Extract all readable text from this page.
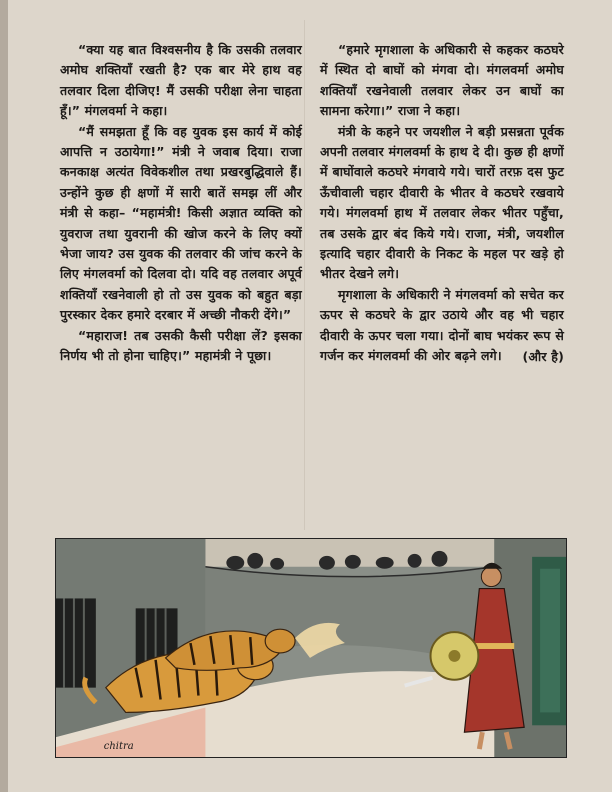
“क्या यह बात विश्वसनीय है कि उसकी तलवार अमोघ शक्तियाँ रखती है? एक बार मेरे हाथ वह तलवार दिला दीजिए! मैं उसकी परीक्षा लेना चाहता हूँ।” मंगलवर्मा ने कहा।

“मैं समझता हूँ कि वह युवक इस कार्य में कोई आपत्ति न उठायेगा!” मंत्री ने जवाब दिया। राजा कनकाक्ष अत्यंत विवेकशील तथा प्रखरबुद्धिवाले हैं। उन्होंने कुछ ही क्षणों में सारी बातें समझ लीं और मंत्री से कहा– “महामंत्री! किसी अज्ञात व्यक्ति को युवराज तथा युवरानी की खोज करने के लिए क्यों भेजा जाय? उस युवक की तलवार की जांच करने के लिए मंगलवर्मा को दिलवा दो। यदि वह तलवार अपूर्व शक्तियाँ रखनेवाली हो तो उस युवक को बहुत बड़ा पुरस्कार देकर हमारे दरबार में अच्छी नौकरी देंगे।”

“महाराज! तब उसकी कैसी परीक्षा लें? इसका निर्णय भी तो होना चाहिए।” महामंत्री ने पूछा।

“हमारे मृगशाला के अधिकारी से कहकर कठघरे में स्थित दो बाघों को मंगवा दो। मंगलवर्मा अमोघ शक्तियाँ रखनेवाली तलवार लेकर उन बाघों का सामना करेगा।” राजा ने कहा।

मंत्री के कहने पर जयशील ने बड़ी प्रसन्नता पूर्वक अपनी तलवार मंगलवर्मा के हाथ दे दी। कुछ ही क्षणों में बाघोंवाले कठघरे मंगवाये गये। चारों तरफ़ दस फुट ऊँचीवाली चहार दीवारी के भीतर वे कठघरे रखवाये गये। मंगलवर्मा हाथ में तलवार लेकर भीतर पहुँचा, तब उसके द्वार बंद किये गये। राजा, मंत्री, जयशील इत्यादि चहार दीवारी के निकट के महल पर खड़े हो भीतर देखने लगे।

मृगशाला के अधिकारी ने मंगलवर्मा को सचेत कर ऊपर से कठघरे के द्वार उठाये और वह भी चहार दीवारी के ऊपर चला गया। दोनों बाघ भयंकर रूप से गर्जन कर मंगलवर्मा की ओर बढ़ने लगे।	(और है)
chitra
